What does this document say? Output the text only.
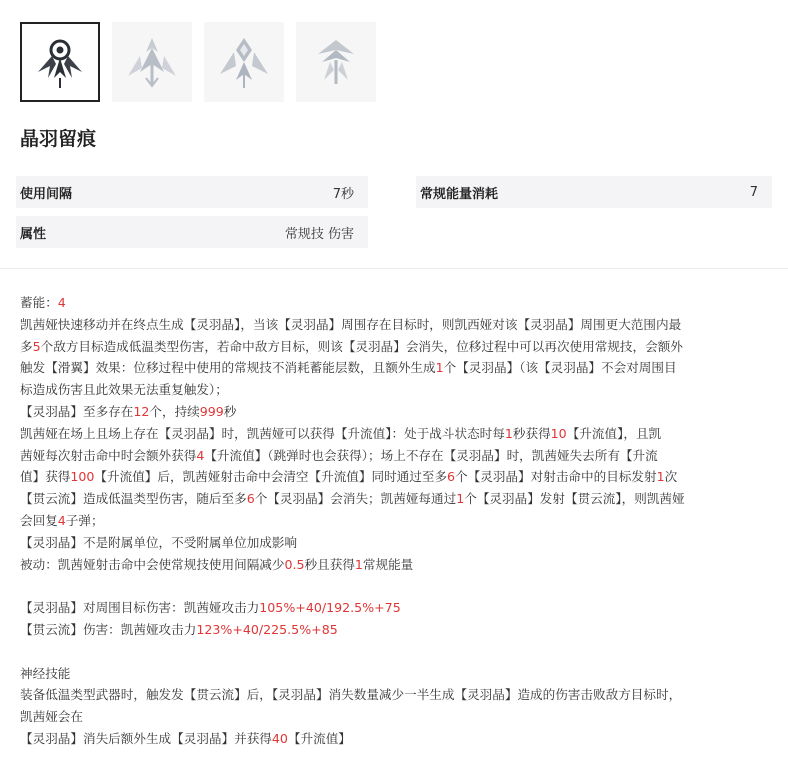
晶羽留痕
使用间隔	7秒	常规能量消耗	7
属性	常规技 伤害
蓄能：4
凯茜娅快速移动并在终点生成【灵羽晶】，当该【灵羽晶】周围存在目标时，则凯西娅对该【灵羽晶】周围更大范围内最
多5个敌方目标造成低温类型伤害，若命中敌方目标，则该【灵羽晶】会消失，位移过程中可以再次使用常规技，会额外
触发【滑翼】效果：位移过程中使用的常规技不消耗蓄能层数，且额外生成1个【灵羽晶】（该【灵羽晶】不会对周围目
标造成伤害且此效果无法重复触发）；
【灵羽晶】至多存在12个，持续999秒
凯茜娅在场上且场上存在【灵羽晶】时，凯茜娅可以获得【升流值】：处于战斗状态时每1秒获得10【升流值】，且凯
茜娅每次射击命中时会额外获得4【升流值】（跳弹时也会获得）；场上不存在【灵羽晶】时，凯茜娅失去所有【升流
值】获得100【升流值】后，凯茜娅射击命中会清空【升流值】同时通过至多6个【灵羽晶】对射击命中的目标发射1次
【贯云流】造成低温类型伤害，随后至多6个【灵羽晶】会消失；凯茜娅每通过1个【灵羽晶】发射【贯云流】，则凯茜娅
会回复4子弹；
【灵羽晶】不是附属单位，不受附属单位加成影响
被动：凯茜娅射击命中会使常规技使用间隔减少0.5秒且获得1常规能量
【灵羽晶】对周围目标伤害：凯茜娅攻击力105%+40/192.5%+75
【贯云流】伤害：凯茜娅攻击力123%+40/225.5%+85
神经技能
装备低温类型武器时，触发发【贯云流】后，【灵羽晶】消失数量减少一半生成【灵羽晶】造成的伤害击败敌方目标时，
凯茜娅会在
【灵羽晶】消失后额外生成【灵羽晶】并获得40【升流值】
